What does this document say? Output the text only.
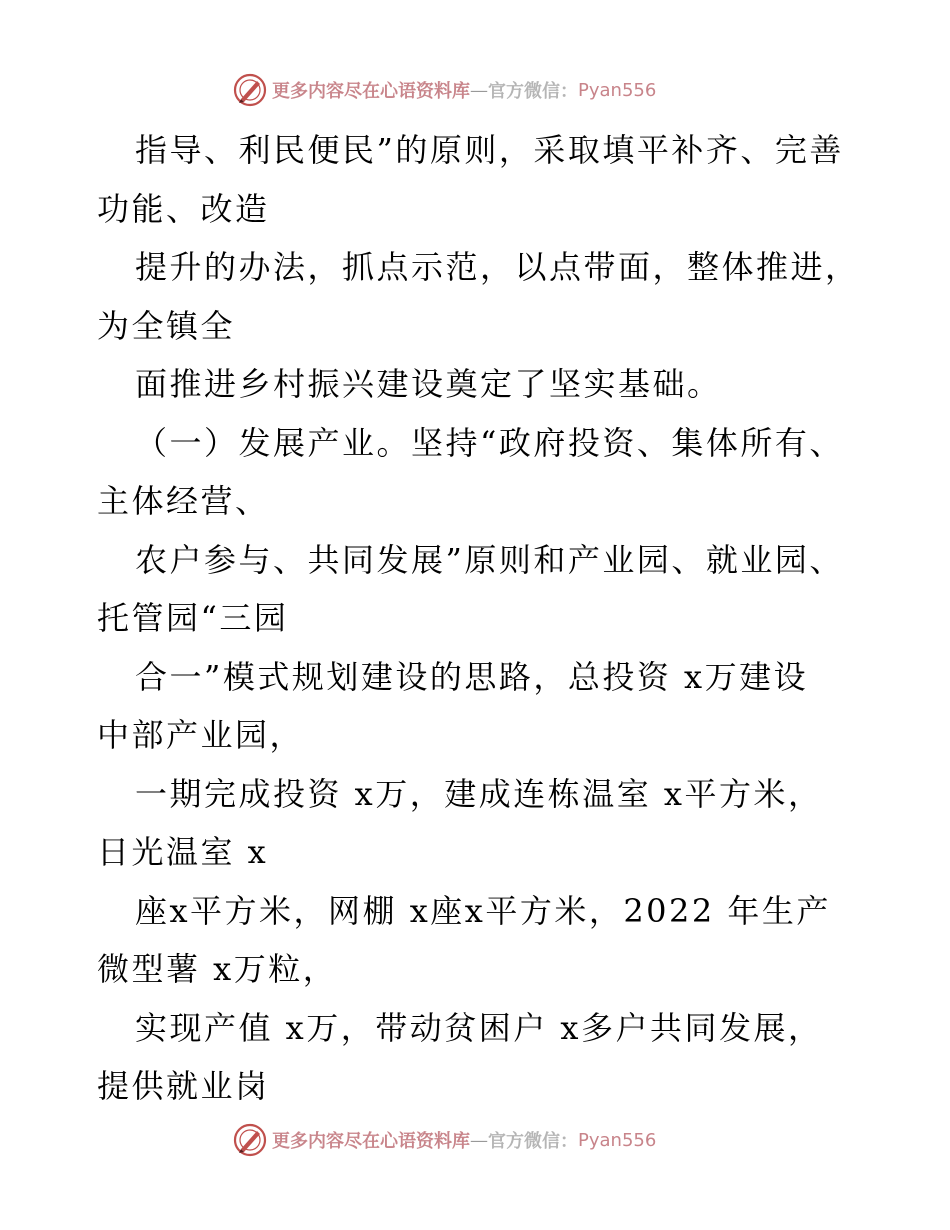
更多内容尽在心语资料库 — 官方微信： Pyan556
指导、利民便民”的原则，采取填平补齐、完善
功能、改造
提升的办法，抓点示范，以点带面，整体推进，
为全镇全
面推进乡村振兴建设奠定了坚实基础。
（一）发展产业。坚持“政府投资、集体所有、
主体经营、
农户参与、共同发展”原则和产业园、就业园、
托管园“三园
合一”模式规划建设的思路，总投资 x万建设
中部产业园，
一期完成投资 x万，建成连栋温室 x平方米，
日光温室 x
座x平方米，网棚 x座x平方米，2022 年生产
微型薯 x万粒，
实现产值 x万，带动贫困户 x多户共同发展，
提供就业岗
更多内容尽在心语资料库 — 官方微信： Pyan556
